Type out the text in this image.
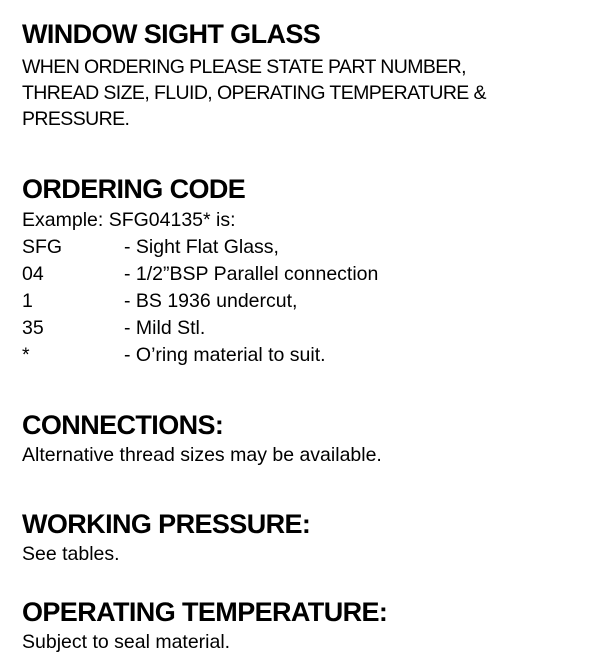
WINDOW SIGHT GLASS

WHEN ORDERING PLEASE STATE PART NUMBER,

THREAD SIZE, FLUID, OPERATING TEMPERATURE &

PRESSURE.

ORDERING CODE
Example: SFG04135* is:
SFG	- Sight Flat Glass,
04	- 1/2”BSP Parallel connection
1	- BS 1936 undercut,
35	- Mild Stl.
*	- O’ring material to suit.
CONNECTIONS:

Alternative thread sizes may be available.

WORKING PRESSURE:

See tables.

OPERATING TEMPERATURE:

Subject to seal material.
